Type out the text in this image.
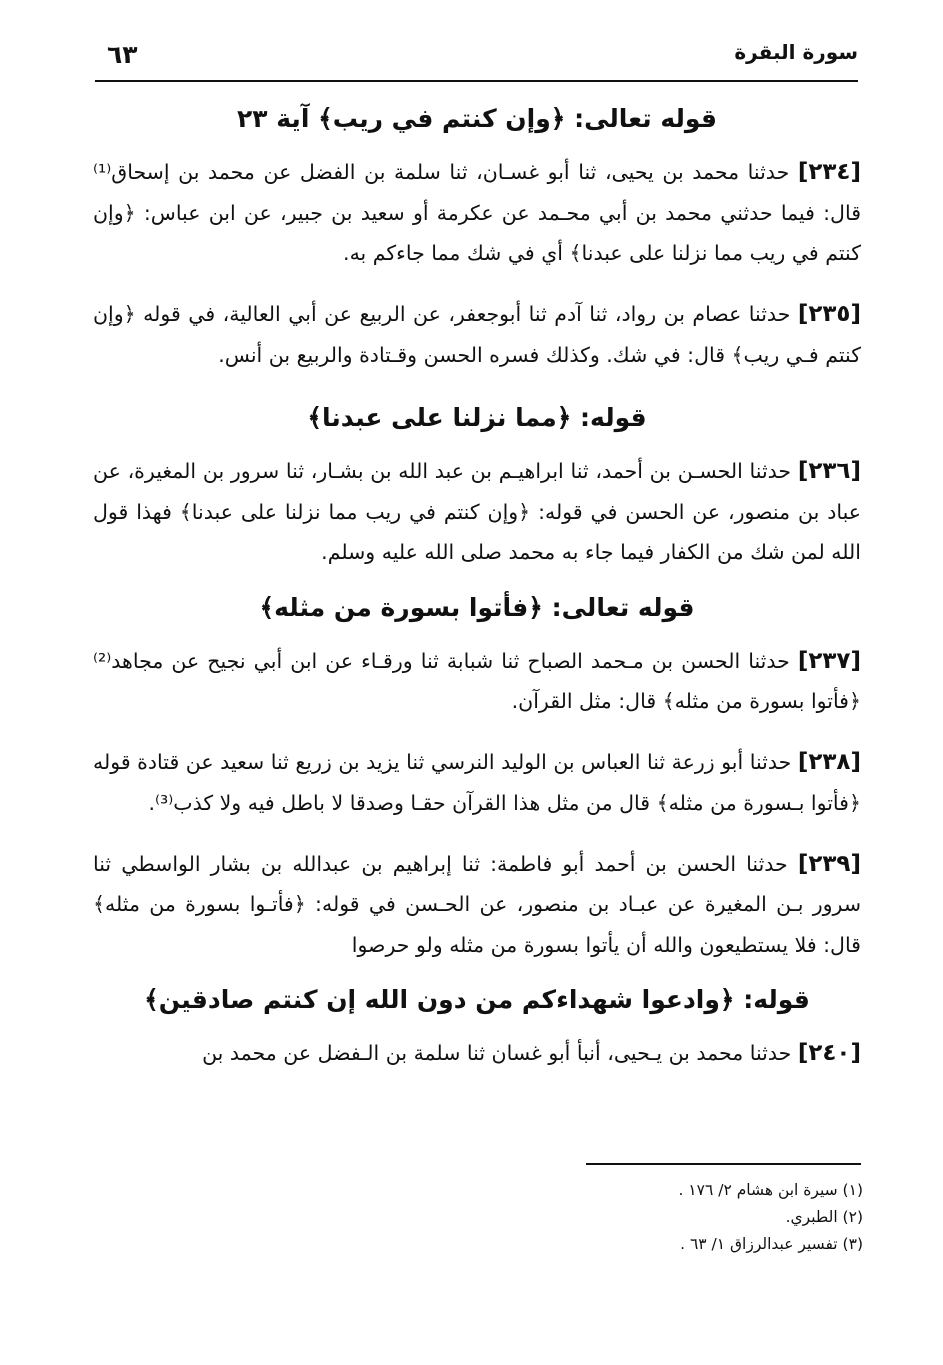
سورة البقرة
٦٣
قوله تعالى: ﴿وإن كنتم في ريب﴾ آية ٢٣

[٢٣٤] حدثنا محمد بن يحيى، ثنا أبو غسـان، ثنا سلمة بن الفضل عن محمد بن إسحاق⁽¹⁾ قال: فيما حدثني محمد بن أبي محـمد عن عكرمة أو سعيد بن جبير، عن ابن عباس: ﴿وإن كنتم في ريب مما نزلنا على عبدنا﴾ أي في شك مما جاءكم به.

[٢٣٥] حدثنا عصام بن رواد، ثنا آدم ثنا أبوجعفر، عن الربيع عن أبي العالية، في قوله ﴿وإن كنتم فـي ريب﴾ قال: في شك. وكذلك فسره الحسن وقـتادة والربيع بن أنس.

قوله: ﴿مما نزلنا على عبدنا﴾

[٢٣٦] حدثنا الحسـن بن أحمد، ثنا ابراهيـم بن عبد الله بن بشـار، ثنا سرور بن المغيرة، عن عباد بن منصور، عن الحسن في قوله: ﴿وإن كنتم في ريب مما نزلنا على عبدنا﴾ فهذا قول الله لمن شك من الكفار فيما جاء به محمد صلى الله عليه وسلم.

قوله تعالى: ﴿فأتوا بسورة من مثله﴾

[٢٣٧] حدثنا الحسن بن مـحمد الصباح ثنا شبابة ثنا ورقـاء عن ابن أبي نجيح عن مجاهد⁽²⁾ ﴿فأتوا بسورة من مثله﴾ قال: مثل القرآن.

[٢٣٨] حدثنا أبو زرعة ثنا العباس بن الوليد النرسي ثنا يزيد بن زريع ثنا سعيد عن قتادة قوله ﴿فأتوا بـسورة من مثله﴾ قال من مثل هذا القرآن حقـا وصدقا لا باطل فيه ولا كذب⁽³⁾.

[٢٣٩] حدثنا الحسن بن أحمد أبو فاطمة: ثنا إبراهيم بن عبدالله بن بشار الواسطي ثنا سرور بـن المغيرة عن عبـاد بن منصور، عن الحـسن في قوله: ﴿فأتـوا بسورة من مثله﴾ قال: فلا يستطيعون والله أن يأتوا بسورة من مثله ولو حرصوا

قوله: ﴿وادعوا شهداءكم من دون الله إن كنتم صادقين﴾

[٢٤٠] حدثنا محمد بن يـحيى، أنبأ أبو غسان ثنا سلمة بن الـفضل عن محمد بن

(١) سيرة ابن هشام ٢/ ١٧٦ .
(٢) الطبري.
(٣) تفسير عبدالرزاق ١/ ٦٣ .
